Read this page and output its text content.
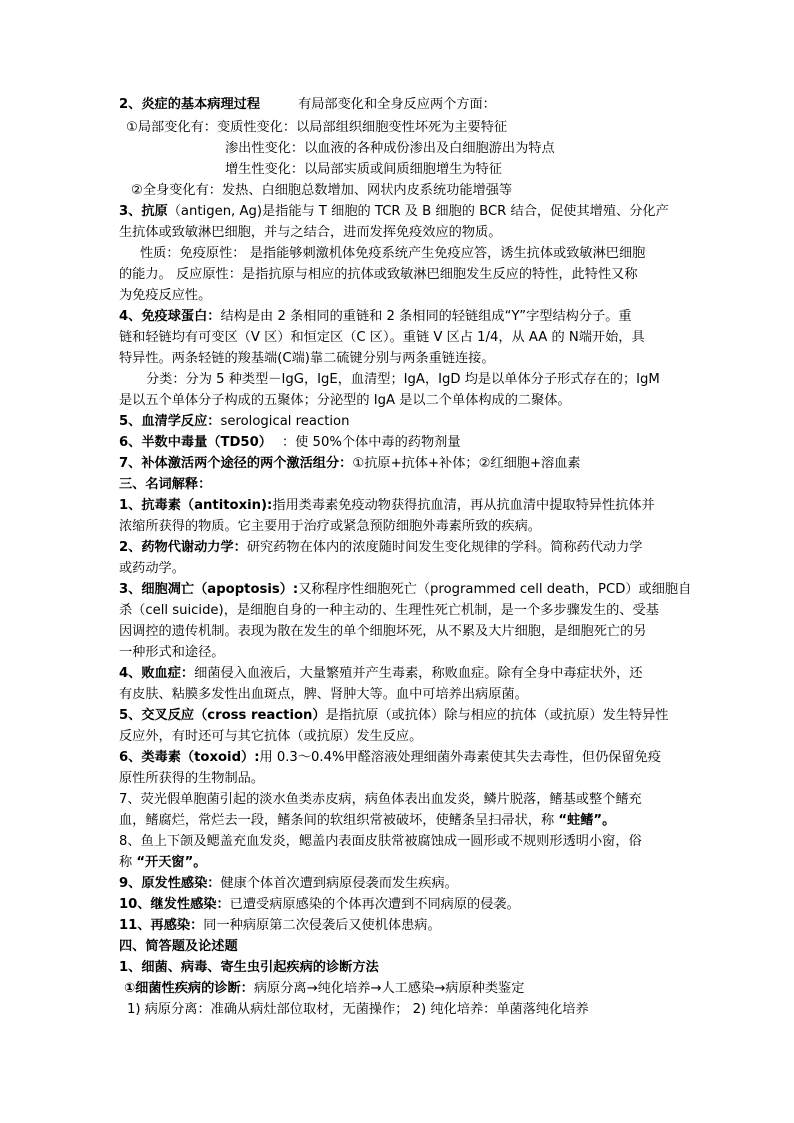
2、炎症的基本病理过程	有局部变化和全身反应两个方面：
①局部变化有：变质性变化：以局部组织细胞变性坏死为主要特征
渗出性变化：以血液的各种成份渗出及白细胞游出为特点
增生性变化：以局部实质或间质细胞增生为特征
②全身变化有：发热、白细胞总数增加、网状内皮系统功能增强等
3、抗原（antigen, Ag)是指能与 T 细胞的 TCR 及 B 细胞的 BCR 结合，促使其增殖、分化产
生抗体或致敏淋巴细胞，并与之结合，进而发挥免疫效应的物质。
性质：免疫原性： 是指能够刺激机体免疫系统产生免疫应答，诱生抗体或致敏淋巴细胞
的能力。 反应原性：是指抗原与相应的抗体或致敏淋巴细胞发生反应的特性，此特性又称
为免疫反应性。
4、免疫球蛋白：结构是由 2 条相同的重链和 2 条相同的轻链组成“Y”字型结构分子。重
链和轻链均有可变区（V 区）和恒定区（C 区）。重链 V 区占 1/4，从 AA 的 N端开始，具
特异性。两条轻链的羧基端(C端)靠二硫键分别与两条重链连接。
分类：分为 5 种类型－IgG，IgE，血清型；IgA，IgD 均是以单体分子形式存在的；IgM
是以五个单体分子构成的五聚体；分泌型的 IgA 是以二个单体构成的二聚体。
5、血清学反应：serological reaction
6、半数中毒量（TD50） ：使 50%个体中毒的药物剂量
7、补体激活两个途径的两个激活组分：①抗原+抗体+补体；②红细胞+溶血素
三、名词解释：
1、抗毒素（antitoxin):指用类毒素免疫动物获得抗血清，再从抗血清中提取特异性抗体并
浓缩所获得的物质。它主要用于治疗或紧急预防细胞外毒素所致的疾病。
2、药物代谢动力学：研究药物在体内的浓度随时间发生变化规律的学科。简称药代动力学
或药动学。
3、细胞凋亡（apoptosis）:又称程序性细胞死亡（programmed cell death，PCD）或细胞自
杀（cell suicide)，是细胞自身的一种主动的、生理性死亡机制，是一个多步骤发生的、受基
因调控的遗传机制。表现为散在发生的单个细胞坏死，从不累及大片细胞，是细胞死亡的另
一种形式和途径。
4、败血症：细菌侵入血液后，大量繁殖并产生毒素，称败血症。除有全身中毒症状外，还
有皮肤、粘膜多发性出血斑点，脾、肾肿大等。血中可培养出病原菌。
5、交叉反应（cross reaction）是指抗原（或抗体）除与相应的抗体（或抗原）发生特异性
反应外，有时还可与其它抗体（或抗原）发生反应。
6、类毒素（toxoid）:用 0.3～0.4%甲醛溶液处理细菌外毒素使其失去毒性，但仍保留免疫
原性所获得的生物制品。
7、荧光假单胞菌引起的淡水鱼类赤皮病，病鱼体表出血发炎，鳞片脱落，鳍基或整个鳍充
血，鳍腐烂，常烂去一段，鳍条间的软组织常被破坏，使鳍条呈扫帚状，称 “蛀鳍”。
8、鱼上下颌及鳃盖充血发炎，鳃盖内表面皮肤常被腐蚀成一圆形或不规则形透明小窗，俗
称 “开天窗”。
9、原发性感染：健康个体首次遭到病原侵袭而发生疾病。
10、继发性感染：已遭受病原感染的个体再次遭到不同病原的侵袭。
11、再感染：同一种病原第二次侵袭后又使机体患病。
四、简答题及论述题
1、细菌、病毒、寄生虫引起疾病的诊断方法
①细菌性疾病的诊断：病原分离→纯化培养→人工感染→病原种类鉴定
1) 病原分离：准确从病灶部位取材，无菌操作； 2) 纯化培养：单菌落纯化培养
